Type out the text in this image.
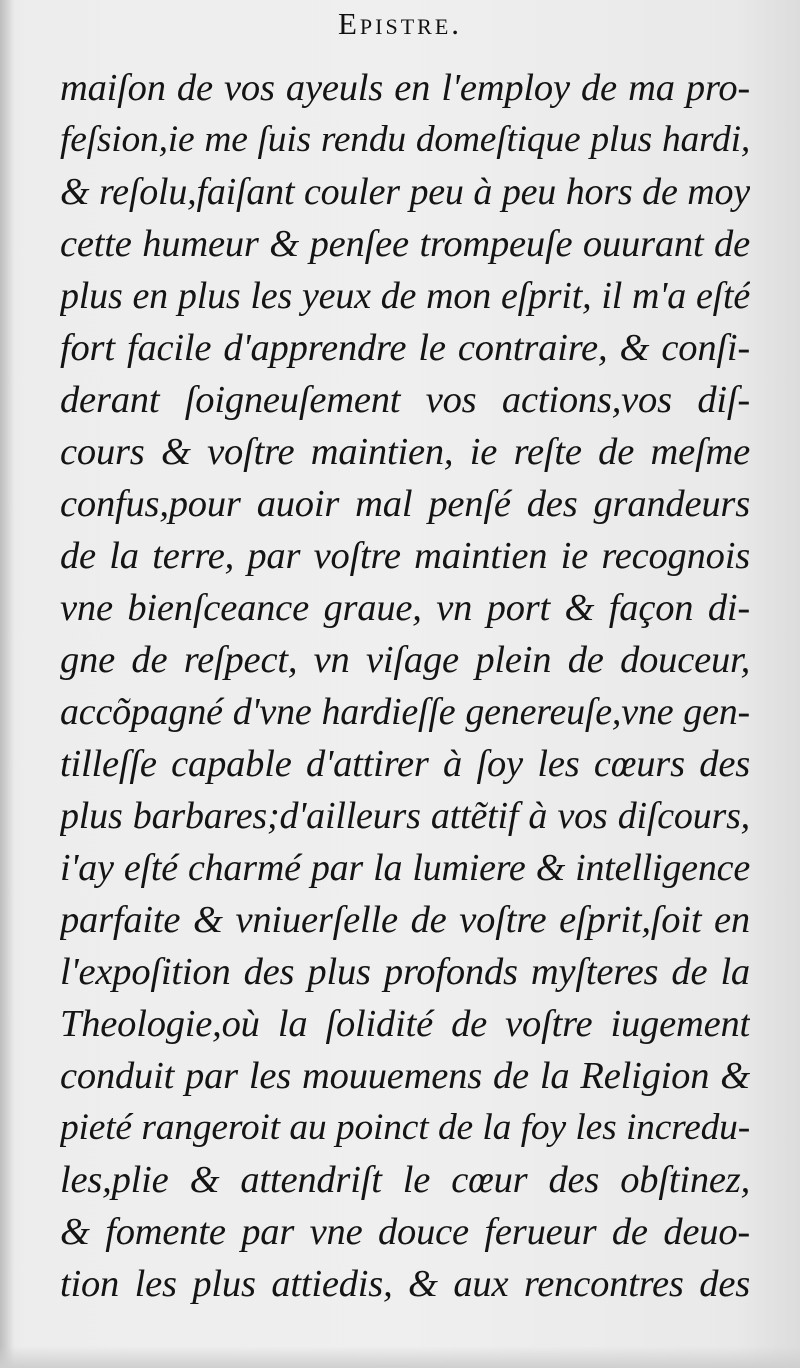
Epistre.
maiſon de vos ayeuls en l'employ de ma pro-
feſsion,ie me ſuis rendu domeſtique plus hardi,
& reſolu,faiſant couler peu à peu hors de moy
cette humeur & penſee trompeuſe ouurant de
plus en plus les yeux de mon eſprit, il m'a eſté
fort facile d'apprendre le contraire, & conſi-
derant ſoigneuſement vos actions,vos diſ-
cours & voſtre maintien, ie reſte de meſme
confus,pour auoir mal penſé des grandeurs
de la terre, par voſtre maintien ie recognois
vne bienſceance graue, vn port & façon di-
gne de reſpect, vn viſage plein de douceur,
accõpagné d'vne hardieſſe genereuſe,vne gen-
tilleſſe capable d'attirer à ſoy les cœurs des
plus barbares;d'ailleurs attẽtif à vos diſcours,
i'ay eſté charmé par la lumiere & intelligence
parfaite & vniuerſelle de voſtre eſprit,ſoit en
l'expoſition des plus profonds myſteres de la
Theologie,où la ſolidité de voſtre iugement
conduit par les mouuemens de la Religion &
pieté rangeroit au poinct de la foy les incredu-
les,plie & attendriſt le cœur des obſtinez,
& fomente par vne douce ferueur de deuo-
tion les plus attiedis, & aux rencontres des
